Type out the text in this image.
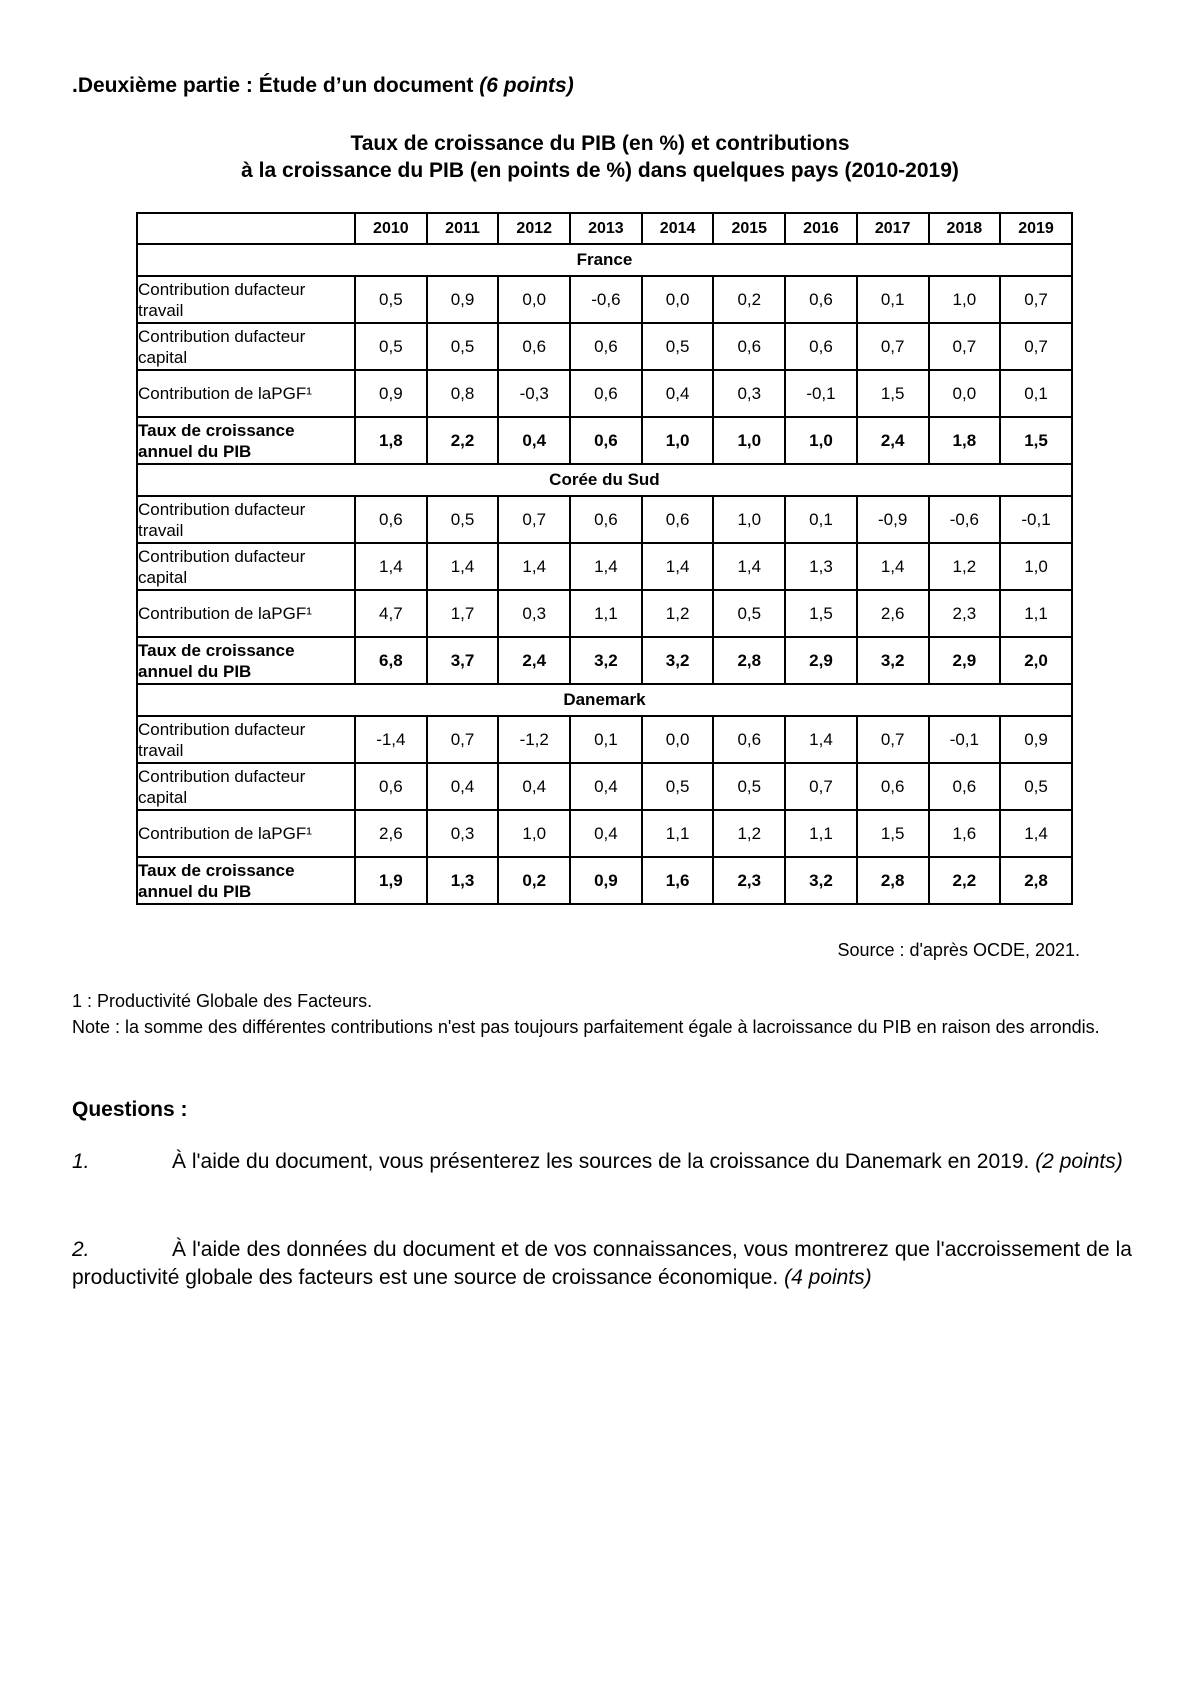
.Deuxième partie : Étude d’un document (6 points)
Taux de croissance du PIB (en %) et contributions
à la croissance du PIB (en points de %) dans quelques pays (2010-2019)
	2010	2011	2012	2013	2014	2015	2016	2017	2018	2019
France										
Contribution dufacteur travail	0,5	0,9	0,0	-0,6	0,0	0,2	0,6	0,1	1,0	0,7
Contribution dufacteur capital	0,5	0,5	0,6	0,6	0,5	0,6	0,6	0,7	0,7	0,7
Contribution de laPGF¹	0,9	0,8	-0,3	0,6	0,4	0,3	-0,1	1,5	0,0	0,1
Taux de croissance annuel du PIB	1,8	2,2	0,4	0,6	1,0	1,0	1,0	2,4	1,8	1,5
Corée du Sud										
Contribution dufacteur travail	0,6	0,5	0,7	0,6	0,6	1,0	0,1	-0,9	-0,6	-0,1
Contribution dufacteur capital	1,4	1,4	1,4	1,4	1,4	1,4	1,3	1,4	1,2	1,0
Contribution de laPGF¹	4,7	1,7	0,3	1,1	1,2	0,5	1,5	2,6	2,3	1,1
Taux de croissance annuel du PIB	6,8	3,7	2,4	3,2	3,2	2,8	2,9	3,2	2,9	2,0
Danemark										
Contribution dufacteur travail	-1,4	0,7	-1,2	0,1	0,0	0,6	1,4	0,7	-0,1	0,9
Contribution dufacteur capital	0,6	0,4	0,4	0,4	0,5	0,5	0,7	0,6	0,6	0,5
Contribution de laPGF¹	2,6	0,3	1,0	0,4	1,1	1,2	1,1	1,5	1,6	1,4
Taux de croissance annuel du PIB	1,9	1,3	0,2	0,9	1,6	2,3	3,2	2,8	2,2	2,8
Source : d'après OCDE, 2021.

1 : Productivité Globale des Facteurs.

Note : la somme des différentes contributions n'est pas toujours parfaitement égale à lacroissance du PIB en raison des arrondis.

Questions :
1.	À l'aide du document, vous présenterez les sources de la croissance du Danemark en 2019. (2 points)
2.	À l'aide des données du document et de vos connaissances, vous montrerez que l'accroissement de la productivité globale des facteurs est une source de croissance économique. (4 points)
